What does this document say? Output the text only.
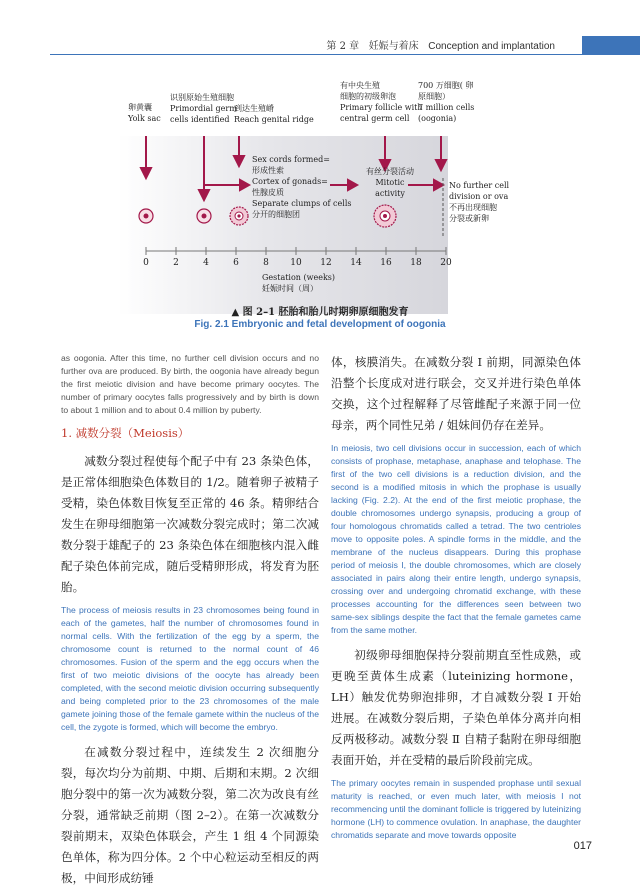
第 2 章 妊娠与着床 Conception and implantation
卵黄囊
Yolk sac
识别原始生殖细胞
Primordial germ
cells identified
到达生殖嵴
Reach genital ridge
有中央生殖
细胞的初级卵泡
Primary follicle with
central germ cell
700 万细胞( 卵
原细胞）
7 million cells
(oogonia)
Sex cords formed=
形成性索
Cortex of gonads=
性腺皮质
Separate clumps of cells
分开的细胞团
有丝分裂活动
Mitotic
activity
No further cell
division or ova
不再出现细胞
分裂或新卵
0	2	4	6	8	10	12	14	16	18	20
Gestation (weeks)
妊娠时间（周）
▲ 图 2–1 胚胎和胎儿时期卵原细胞发育
Fig. 2.1 Embryonic and fetal development of oogonia

as oogonia. After this time, no further cell division occurs and no further ova are produced. By birth, the oogonia have already begun the first meiotic division and have become primary oocytes. The number of primary oocytes falls progressively and by birth is down to about 1 million and to about 0.4 million by puberty.

1. 减数分裂（Meiosis）

减数分裂过程使每个配子中有 23 条染色体，是正常体细胞染色体数目的 1/2。随着卵子被精子受精，染色体数目恢复至正常的 46 条。精卵结合发生在卵母细胞第一次减数分裂完成时；第二次减数分裂于雄配子的 23 条染色体在细胞核内混入雌配子染色体前完成，随后受精卵形成，将发育为胚胎。

The process of meiosis results in 23 chromosomes being found in each of the gametes, half the number of chromosomes found in normal cells. With the fertilization of the egg by a sperm, the chromosome count is returned to the normal count of 46 chromosomes. Fusion of the sperm and the egg occurs when the first of two meiotic divisions of the oocyte has already been completed, with the second meiotic division occurring subsequently and being completed prior to the 23 chromosomes of the male gamete joining those of the female gamete within the nucleus of the cell, the zygote is formed, which will become the embryo.

在减数分裂过程中，连续发生 2 次细胞分裂，每次均分为前期、中期、后期和末期。2 次细胞分裂中的第一次为减数分裂，第二次为改良有丝分裂，通常缺乏前期（图 2–2）。在第一次减数分裂前期末，双染色体联会，产生 1 组 4 个同源染色单体，称为四分体。2 个中心粒运动至相反的两极，中间形成纺锤

体，核膜消失。在减数分裂 Ⅰ 前期，同源染色体沿整个长度成对进行联会，交叉并进行染色单体交换，这个过程解释了尽管雌配子来源于同一位母亲，两个同性兄弟 / 姐妹间仍存在差异。

In meiosis, two cell divisions occur in succession, each of which consists of prophase, metaphase, anaphase and telophase. The first of the two cell divisions is a reduction division, and the second is a modified mitosis in which the prophase is usually lacking (Fig. 2.2). At the end of the first meiotic prophase, the double chromosomes undergo synapsis, producing a group of four homologous chromatids called a tetrad. The two centrioles move to opposite poles. A spindle forms in the middle, and the membrane of the nucleus disappears. During this prophase period of meiosis I, the double chromosomes, which are closely associated in pairs along their entire length, undergo synapsis, crossing over and undergoing chromatid exchange, with these processes accounting for the differences seen between two same-sex siblings despite the fact that the female gametes came from the same mother.

初级卵母细胞保持分裂前期直至性成熟，或更晚至黄体生成素（luteinizing hormone，LH）触发优势卵泡排卵，才自减数分裂 Ⅰ 开始进展。在减数分裂后期，子染色单体分离并向相反两极移动。减数分裂 Ⅱ 自精子黏附在卵母细胞表面开始，并在受精的最后阶段前完成。

The primary oocytes remain in suspended prophase until sexual maturity is reached, or even much later, with meiosis I not recommencing until the dominant follicle is triggered by luteinizing hormone (LH) to commence ovulation. In anaphase, the daughter chromatids separate and move towards opposite

017
